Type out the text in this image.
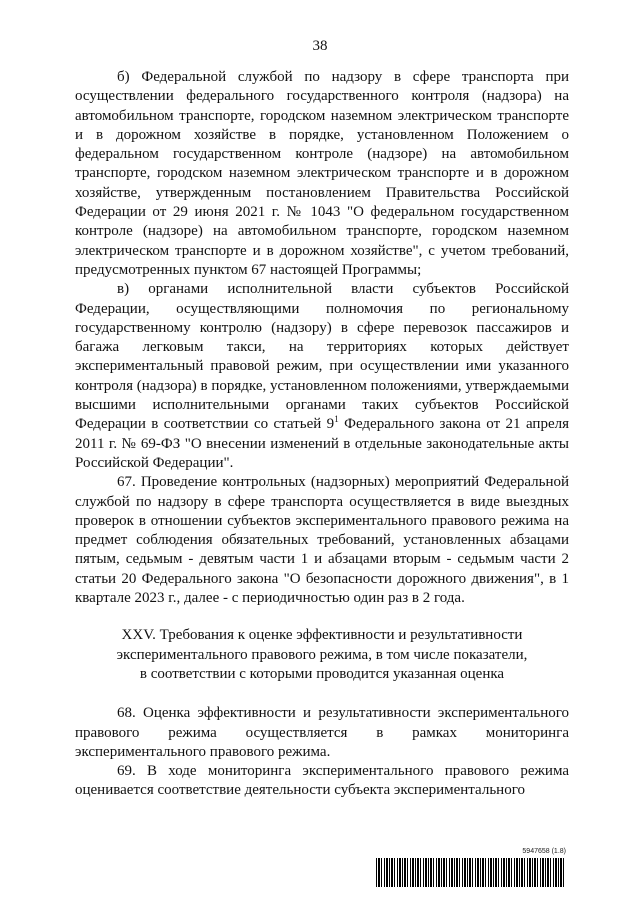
38

б) Федеральной службой по надзору в сфере транспорта при осуществлении федерального государственного контроля (надзора) на автомобильном транспорте, городском наземном электрическом транспорте и в дорожном хозяйстве в порядке, установленном Положением о федеральном государственном контроле (надзоре) на автомобильном транспорте, городском наземном электрическом транспорте и в дорожном хозяйстве, утвержденным постановлением Правительства Российской Федерации от 29 июня 2021 г. № 1043 "О федеральном государственном контроле (надзоре) на автомобильном транспорте, городском наземном электрическом транспорте и в дорожном хозяйстве", с учетом требований, предусмотренных пунктом 67 настоящей Программы;

в) органами исполнительной власти субъектов Российской Федерации, осуществляющими полномочия по региональному государственному контролю (надзору) в сфере перевозок пассажиров и багажа легковым такси, на территориях которых действует экспериментальный правовой режим, при осуществлении ими указанного контроля (надзора) в порядке, установленном положениями, утверждаемыми высшими исполнительными органами таких субъектов Российской Федерации в соответствии со статьей $9^1$ Федерального закона от 21 апреля 2011 г. № 69-ФЗ "О внесении изменений в отдельные законодательные акты Российской Федерации".

67. Проведение контрольных (надзорных) мероприятий Федеральной службой по надзору в сфере транспорта осуществляется в виде выездных проверок в отношении субъектов экспериментального правового режима на предмет соблюдения обязательных требований, установленных абзацами пятым, седьмым - девятым части 1 и абзацами вторым - седьмым части 2 статьи 20 Федерального закона "О безопасности дорожного движения", в 1 квартале 2023 г., далее - с периодичностью один раз в 2 года.

XXV. Требования к оценке эффективности и результативности
экспериментального правового режима, в том числе показатели,
в соответствии с которыми проводится указанная оценка

68. Оценка эффективности и результативности экспериментального правового режима осуществляется в рамках мониторинга экспериментального правового режима.

69. В ходе мониторинга экспериментального правового режима оценивается соответствие деятельности субъекта экспериментального

5947658 (1.8)
